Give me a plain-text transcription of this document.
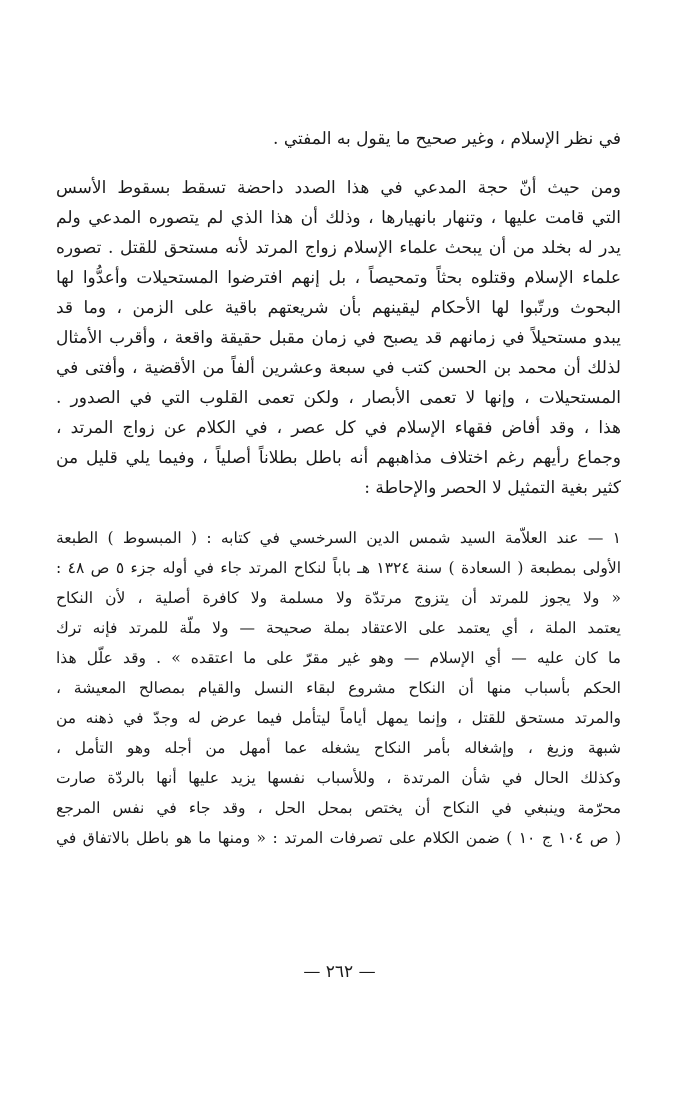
في نظر الإسلام ، وغير صحيح ما يقول به المفتي .
ومن حيث أنّ حجة المدعي في هذا الصدد داحضة تسقط بسقوط الأسس
التي قامت عليها ، وتنهار بانهيارها ، وذلك أن هذا الذي لم يتصوره المدعي ولم
يدر له بخلد من أن يبحث علماء الإسلام زواج المرتد لأنه مستحق للقتل . تصوره
علماء الإسلام وقتلوه بحثاً وتمحيصاً ، بل إنهم افترضوا المستحيلات وأعدُّوا لها
البحوث ورتّبوا لها الأحكام ليقينهم بأن شريعتهم باقية على الزمن ، وما قد
يبدو مستحيلاً في زمانهم قد يصبح في زمان مقبل حقيقة واقعة ، وأقرب الأمثال
لذلك أن محمد بن الحسن كتب في سبعة وعشرين ألفاً من الأقضية ، وأفتى في
المستحيلات ، وإنها لا تعمى الأبصار ، ولكن تعمى القلوب التي في الصدور .
هذا ، وقد أفاض فقهاء الإسلام في كل عصر ، في الكلام عن زواج المرتد ،
وجماع رأيهم رغم اختلاف مذاهبهم أنه باطل بطلاناً أصلياً ، وفيما يلي قليل من
كثير بغية التمثيل لا الحصر والإحاطة :
١ — عند العلاّمة السيد شمس الدين السرخسي في كتابه : ( المبسوط ) الطبعة
الأولى بمطبعة ( السعادة ) سنة ١٣٢٤ هـ باباً لنكاح المرتد جاء في أوله جزء ٥ ص ٤٨ :
« ولا يجوز للمرتد أن يتزوج مرتدّة ولا مسلمة ولا كافرة أصلية ، لأن النكاح
يعتمد الملة ، أي يعتمد على الاعتقاد بملة صحيحة — ولا ملّة للمرتد فإنه ترك
ما كان عليه — أي الإسلام — وهو غير مقرّ على ما اعتقده » . وقد علّل هذا
الحكم بأسباب منها أن النكاح مشروع لبقاء النسل والقيام بمصالح المعيشة ،
والمرتد مستحق للقتل ، وإنما يمهل أياماً ليتأمل فيما عرض له وجدّ في ذهنه من
شبهة وزيغ ، وإشغاله بأمر النكاح يشغله عما أمهل من أجله وهو التأمل ،
وكذلك الحال في شأن المرتدة ، وللأسباب نفسها يزيد عليها أنها بالردّة صارت
محرّمة وينبغي في النكاح أن يختص بمحل الحل ، وقد جاء في نفس المرجع
( ص ١٠٤ ج ١٠ ) ضمن الكلام على تصرفات المرتد : « ومنها ما هو باطل بالاتفاق في
— ٢٦٢ —
